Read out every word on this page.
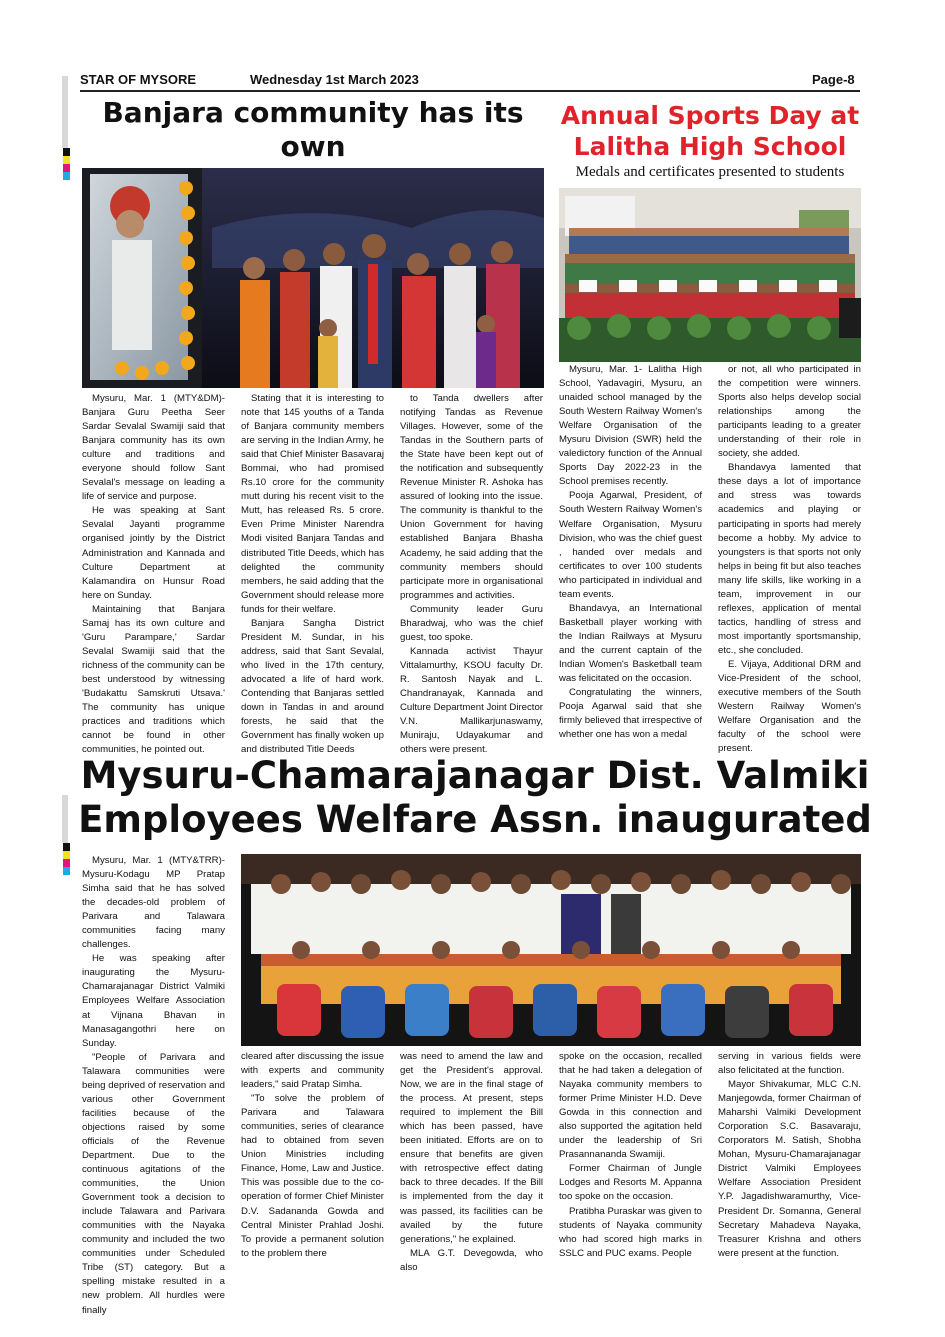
STAR OF MYSORE	Wednesday 1st March 2023	Page-8
Banjara community has its own

Mysuru, Mar. 1 (MTY&DM)- Banjara Guru Peetha Seer Sardar Sevalal Swamiji said that Banjara community has its own culture and traditions and everyone should follow Sant Sevalal's message on leading a life of service and purpose.

He was speaking at Sant Sevalal Jayanti programme organised jointly by the District Administration and Kannada and Culture Department at Kalamandira on Hunsur Road here on Sunday.

Maintaining that Banjara Samaj has its own culture and 'Guru Parampare,' Sardar Sevalal Swamiji said that the richness of the community can be best understood by witnessing 'Budakattu Samskruti Utsava.' The community has unique practices and traditions which cannot be found in other communities, he pointed out.

Stating that it is interesting to note that 145 youths of a Tanda of Banjara community members are serving in the Indian Army, he said that Chief Minister Basavaraj Bommai, who had promised Rs.10 crore for the community mutt during his recent visit to the Mutt, has released Rs. 5 crore. Even Prime Minister Narendra Modi visited Banjara Tandas and distributed Title Deeds, which has delighted the community members, he said adding that the Government should release more funds for their welfare.

Banjara Sangha District President M. Sundar, in his address, said that Sant Sevalal, who lived in the 17th century, advocated a life of hard work. Contending that Banjaras settled down in Tandas in and around forests, he said that the Government has finally woken up and distributed Title Deeds

to Tanda dwellers after notifying Tandas as Revenue Villages. However, some of the Tandas in the Southern parts of the State have been kept out of the notification and subsequently Revenue Minister R. Ashoka has assured of looking into the issue. The community is thankful to the Union Government for having established Banjara Bhasha Academy, he said adding that the community members should participate more in organisational programmes and activities.

Community leader Guru Bharadwaj, who was the chief guest, too spoke.

Kannada activist Thayur Vittalamurthy, KSOU faculty Dr. R. Santosh Nayak and L. Chandranayak, Kannada and Culture Department Joint Director V.N. Mallikarjunaswamy, Muniraju, Udayakumar and others were present.

Annual Sports Day at
Lalitha High School
Medals and certificates presented to students

Mysuru, Mar. 1- Lalitha High School, Yadavagiri, Mysuru, an unaided school managed by the South Western Railway Women's Welfare Organisation of the Mysuru Division (SWR) held the valedictory function of the Annual Sports Day 2022-23 in the School premises recently.

Pooja Agarwal, President, of South Western Railway Women's Welfare Organisation, Mysuru Division, who was the chief guest , handed over medals and certificates to over 100 students who participated in individual and team events.

Bhandavya, an International Basketball player working with the Indian Railways at Mysuru and the current captain of the Indian Women's Basketball team was felicitated on the occasion.

Congratulating the winners, Pooja Agarwal said that she firmly believed that irrespective of whether one has won a medal

or not, all who participated in the competition were winners. Sports also helps develop social relationships among the participants leading to a greater understanding of their role in society, she added.

Bhandavya lamented that these days a lot of importance and stress was towards academics and playing or participating in sports had merely become a hobby. My advice to youngsters is that sports not only helps in being fit but also teaches many life skills, like working in a team, improvement in our reflexes, application of mental tactics, handling of stress and most importantly sportsmanship, etc., she concluded.

E. Vijaya, Additional DRM and Vice-President of the school, executive members of the South Western Railway Women's Welfare Organisation and the faculty of the school were present.

Mysuru-Chamarajanagar Dist. Valmiki
Employees Welfare Assn. inaugurated

Mysuru, Mar. 1 (MTY&TRR)- Mysuru-Kodagu MP Pratap Simha said that he has solved the decades-old problem of Parivara and Talawara communities facing many challenges.

He was speaking after inaugurating the Mysuru-Chamarajanagar District Valmiki Employees Welfare Association at Vijnana Bhavan in Manasagangothri here on Sunday.

"People of Parivara and Talawara communities were being deprived of reservation and various other Government facilities because of the objections raised by some officials of the Revenue Department. Due to the continuous agitations of the communities, the Union Government took a decision to include Talawara and Parivara communities with the Nayaka community and included the two communities under Scheduled Tribe (ST) category. But a spelling mistake resulted in a new problem. All hurdles were finally

cleared after discussing the issue with experts and community leaders," said Pratap Simha.

"To solve the problem of Parivara and Talawara communities, series of clearance had to obtained from seven Union Ministries including Finance, Home, Law and Justice. This was possible due to the co-operation of former Chief Minister D.V. Sadananda Gowda and Central Minister Prahlad Joshi. To provide a permanent solution to the problem there

was need to amend the law and get the President's approval. Now, we are in the final stage of the process. At present, steps required to implement the Bill which has been passed, have been initiated. Efforts are on to ensure that benefits are given with retrospective effect dating back to three decades. If the Bill is implemented from the day it was passed, its facilities can be availed by the future generations," he explained.

MLA G.T. Devegowda, who also

spoke on the occasion, recalled that he had taken a delegation of Nayaka community members to former Prime Minister H.D. Deve Gowda in this connection and also supported the agitation held under the leadership of Sri Prasannananda Swamiji.

Former Chairman of Jungle Lodges and Resorts M. Appanna too spoke on the occasion.

Pratibha Puraskar was given to students of Nayaka community who had scored high marks in SSLC and PUC exams. People

serving in various fields were also felicitated at the function.

Mayor Shivakumar, MLC C.N. Manjegowda, former Chairman of Maharshi Valmiki Development Corporation S.C. Basavaraju, Corporators M. Satish, Shobha Mohan, Mysuru-Chamarajanagar District Valmiki Employees Welfare Association President Y.P. Jagadishwaramurthy, Vice-President Dr. Somanna, General Secretary Mahadeva Nayaka, Treasurer Krishna and others were present at the function.
